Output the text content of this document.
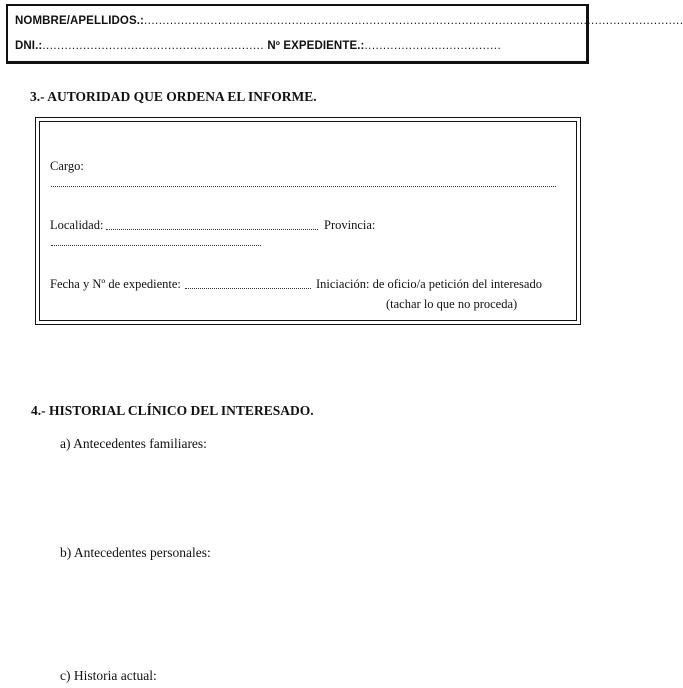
NOMBRE/APELLIDOS.:..................................................................................................................................................
DNI.:............................................................ Nº EXPEDIENTE.:.....................................
3.- AUTORIDAD QUE ORDENA EL INFORME.
Cargo:
Localidad:	Provincia:
Fecha y Nº de expediente:	Iniciación: de oficio/a petición del interesado
(tachar lo que no proceda)
4.- HISTORIAL CLÍNICO DEL INTERESADO.
a) Antecedentes familiares:
b) Antecedentes personales:
c) Historia actual:
